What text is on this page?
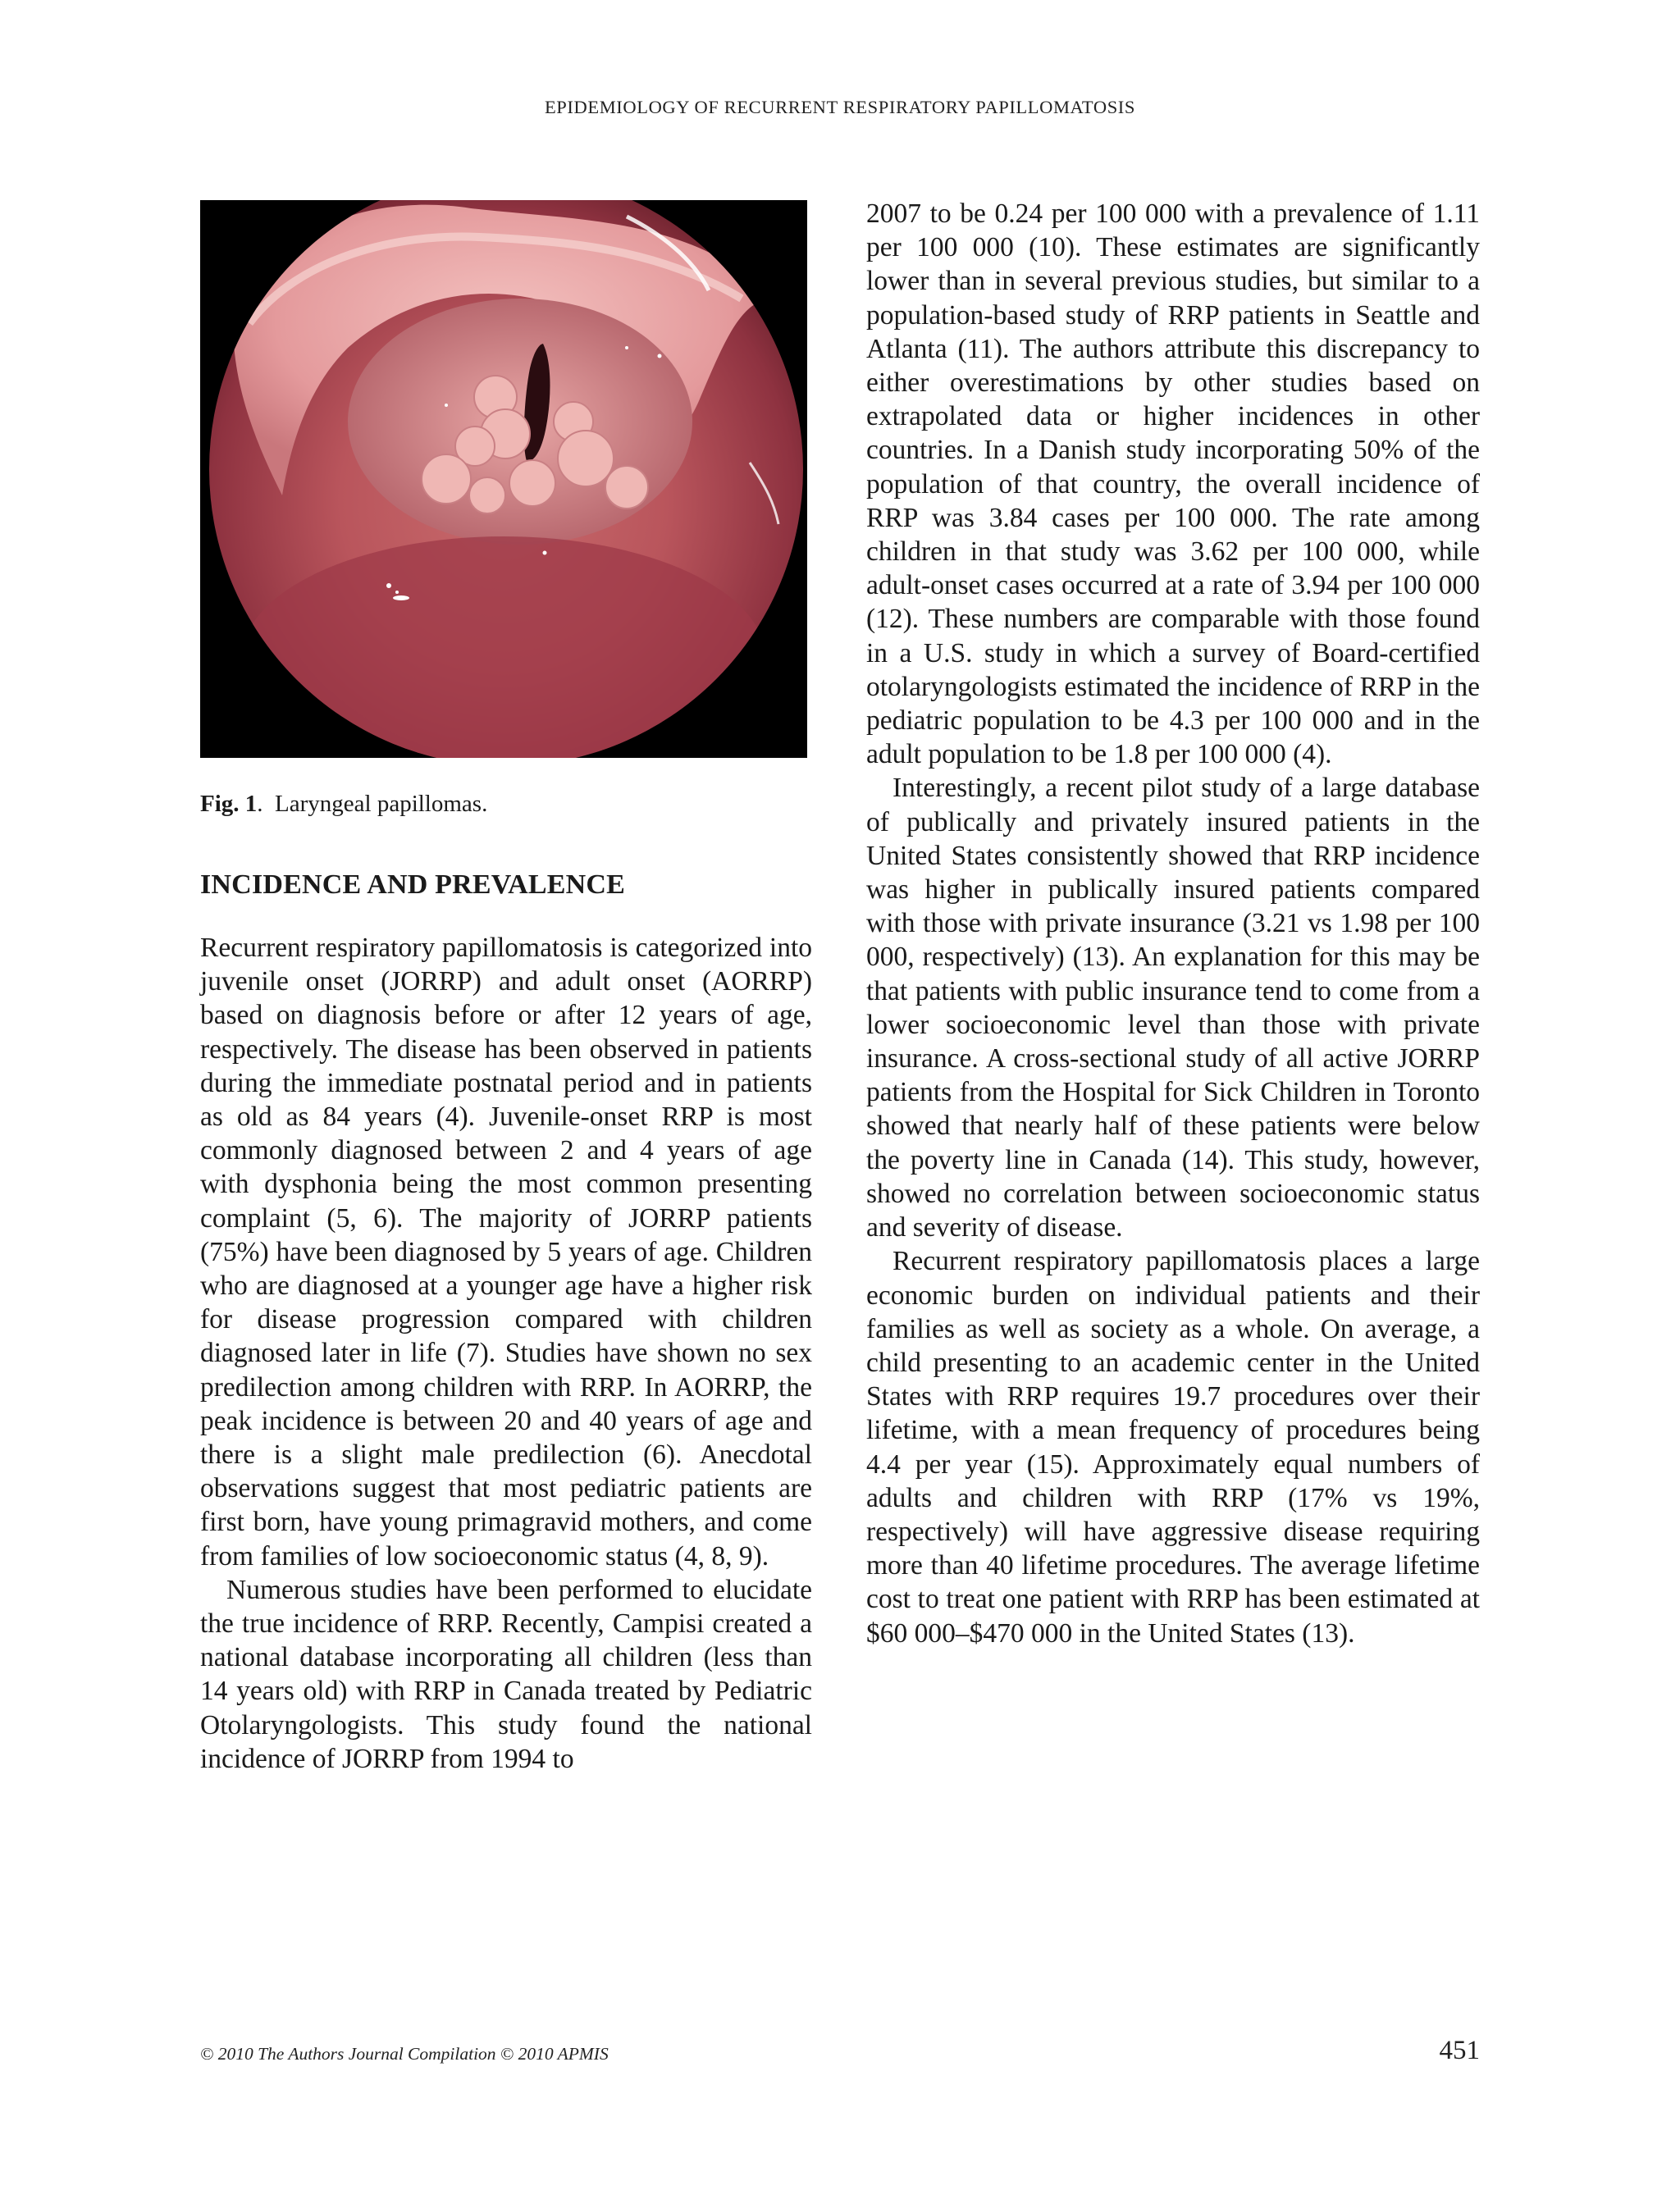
EPIDEMIOLOGY OF RECURRENT RESPIRATORY PAPILLOMATOSIS
Fig. 1.  Laryngeal papillomas.
INCIDENCE AND PREVALENCE

Recurrent respiratory papillomatosis is categorized into juvenile onset (JORRP) and adult onset (AORRP) based on diagnosis before or after 12 years of age, respectively. The disease has been observed in patients during the immediate postnatal period and in patients as old as 84 years (4). Juvenile-onset RRP is most commonly diagnosed between 2 and 4 years of age with dysphonia being the most common presenting complaint (5, 6). The majority of JORRP patients (75%) have been diagnosed by 5 years of age. Children who are diagnosed at a younger age have a higher risk for disease progression compared with children diagnosed later in life (7). Studies have shown no sex predilection among children with RRP. In AORRP, the peak incidence is between 20 and 40 years of age and there is a slight male predilection (6). Anecdotal observations suggest that most pediatric patients are first born, have young primagravid mothers, and come from families of low socioeconomic status (4, 8, 9).

Numerous studies have been performed to elucidate the true incidence of RRP. Recently, Campisi created a national database incorporating all children (less than 14 years old) with RRP in Canada treated by Pediatric Otolaryngologists. This study found the national incidence of JORRP from 1994 to

2007 to be 0.24 per 100 000 with a prevalence of 1.11 per 100 000 (10). These estimates are significantly lower than in several previous studies, but similar to a population-based study of RRP patients in Seattle and Atlanta (11). The authors attribute this discrepancy to either overestimations by other studies based on extrapolated data or higher incidences in other countries. In a Danish study incorporating 50% of the population of that country, the overall incidence of RRP was 3.84 cases per 100 000. The rate among children in that study was 3.62 per 100 000, while adult-onset cases occurred at a rate of 3.94 per 100 000 (12). These numbers are comparable with those found in a U.S. study in which a survey of Board-certified otolaryngologists estimated the incidence of RRP in the pediatric population to be 4.3 per 100 000 and in the adult population to be 1.8 per 100 000 (4).

Interestingly, a recent pilot study of a large database of publically and privately insured patients in the United States consistently showed that RRP incidence was higher in publically insured patients compared with those with private insurance (3.21 vs 1.98 per 100 000, respectively) (13). An explanation for this may be that patients with public insurance tend to come from a lower socioeconomic level than those with private insurance. A cross-sectional study of all active JORRP patients from the Hospital for Sick Children in Toronto showed that nearly half of these patients were below the poverty line in Canada (14). This study, however, showed no correlation between socioeconomic status and severity of disease.

Recurrent respiratory papillomatosis places a large economic burden on individual patients and their families as well as society as a whole. On average, a child presenting to an academic center in the United States with RRP requires 19.7 procedures over their lifetime, with a mean frequency of procedures being 4.4 per year (15). Approximately equal numbers of adults and children with RRP (17% vs 19%, respectively) will have aggressive disease requiring more than 40 lifetime procedures. The average lifetime cost to treat one patient with RRP has been estimated at $60 000–$470 000 in the United States (13).

© 2010 The Authors Journal Compilation © 2010 APMIS	451
